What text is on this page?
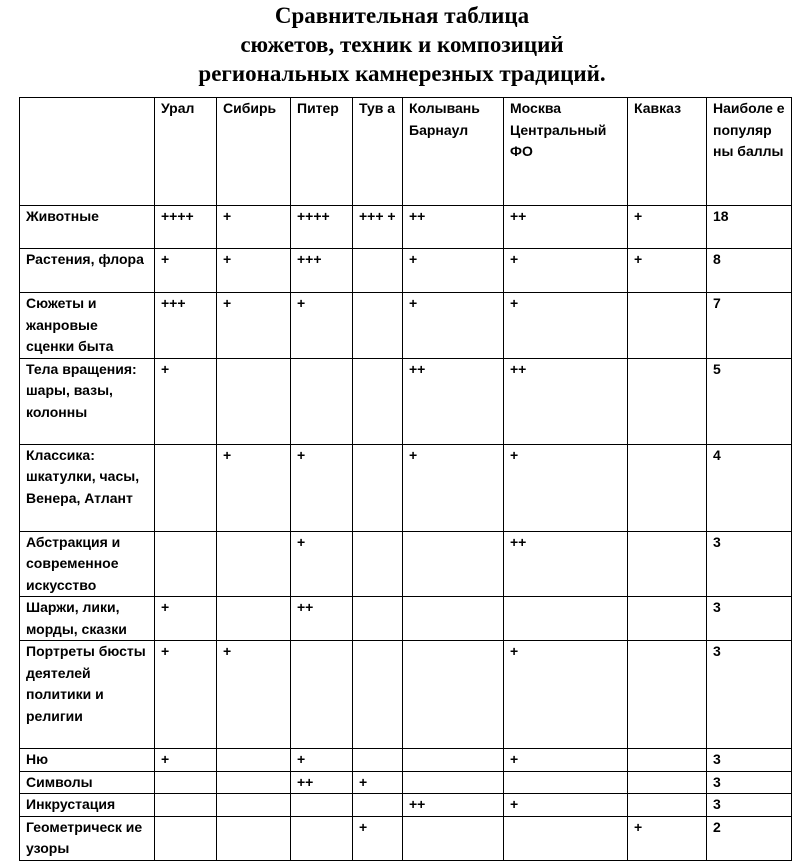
Сравнительная таблица
сюжетов, техник и композиций
региональных камнерезных традиций.
	Урал	Сибирь	Питер	Тув а	Колывань Барнаул	Москва Центральный ФО	Кавказ	Наиболе е популяр ны баллы
Животные	++++	+	++++	+++ +	++	++	+	18
Растения, флора	+	+	+++		+	+	+	8
Сюжеты и жанровые сценки быта	+++	+	+		+	+		7
Тела вращения: шары, вазы, колонны	+				++	++		5
Классика: шкатулки, часы, Венера, Атлант		+	+		+	+		4
Абстракция и современное искусство			+			++		3
Шаржи, лики, морды, сказки	+		++					3
Портреты бюсты деятелей политики и религии	+	+				+		3
Ню	+		+			+		3
Символы			++	+				3
Инкрустация					++	+		3
Геометрическ ие узоры				+			+	2
